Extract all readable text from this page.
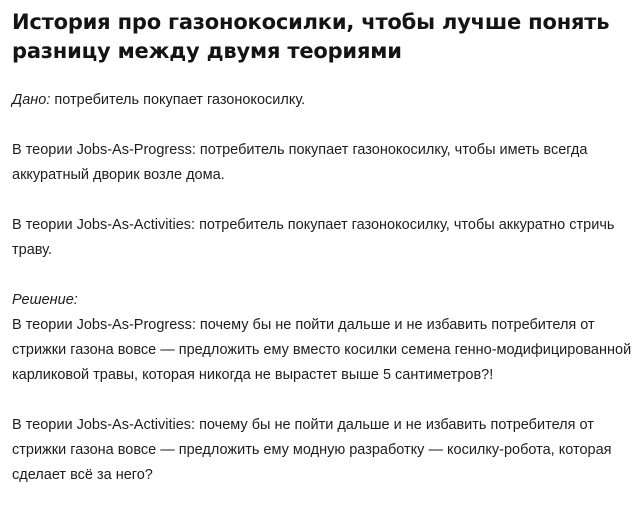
История про газонокосилки, чтобы лучше понять разницу между двумя теориями

Дано: потребитель покупает газонокосилку.

В теории Jobs-As-Progress: потребитель покупает газонокосилку, чтобы иметь всегда аккуратный дворик возле дома.

В теории Jobs-As-Activities: потребитель покупает газонокосилку, чтобы аккуратно стричь траву.

Решение:
В теории Jobs-As-Progress: почему бы не пойти дальше и не избавить потребителя от стрижки газона вовсе — предложить ему вместо косилки семена генно-модифицированной карликовой травы, которая никогда не вырастет выше 5 сантиметров?!

В теории Jobs-As-Activities: почему бы не пойти дальше и не избавить потребителя от стрижки газона вовсе — предложить ему модную разработку — косилку-робота, которая сделает всё за него?
